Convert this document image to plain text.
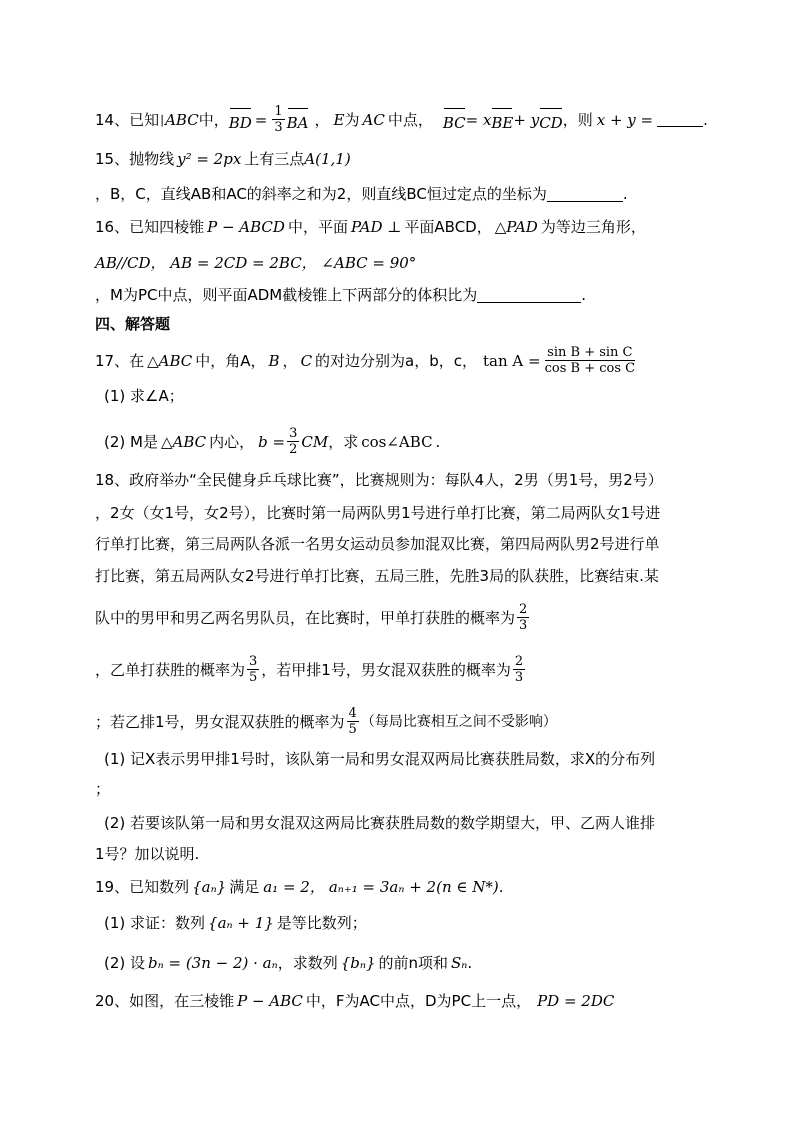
14、已知 ∣ ABC 中， BD = $\frac{1}{3}$ BA ， E 为 AC 中点， BC = x BE + y CD ，则 x + y =	.
15、抛物线 y² = 2px 上有三点 A(1,1)
，B，C，直线AB和AC的斜率之和为2，则直线BC恒过定点的坐标为	.
16、已知四棱锥 P − ABCD 中，平面 PAD ⊥ 平面ABCD， △PAD 为等边三角形，
AB//CD， AB = 2CD = 2BC， ∠ABC = 90°
，M为PC中点，则平面ADM截棱锥上下两部分的体积比为	.
四、解答题
17、在 △ABC 中，角A， B ， C 的对边分别为a，b，c， $\tan A = \frac{\text{sin B + sin C}}{\text{cos B + cos C}}$
(1) 求∠A；
(2) M是 △ABC 内心， $b = \frac{3}{2}$ CM ，求 cos∠ABC .
18、政府举办“全民健身乒乓球比赛”，比赛规则为：每队4人，2男（男1号，男2号）
，2女（女1号，女2号），比赛时第一局两队男1号进行单打比赛，第二局两队女1号进
行单打比赛，第三局两队各派一名男女运动员参加混双比赛，第四局两队男2号进行单
打比赛，第五局两队女2号进行单打比赛，五局三胜，先胜3局的队获胜，比赛结束.某
队中的男甲和男乙两名男队员，在比赛时，甲单打获胜的概率为 $\frac{2}{3}$
，乙单打获胜的概率为 $\frac{3}{5}$ ，若甲排1号，男女混双获胜的概率为 $\frac{2}{3}$
；若乙排1号，男女混双获胜的概率为 $\frac{4}{5}$ （每局比赛相互之间不受影响）
(1) 记X表示男甲排1号时，该队第一局和男女混双两局比赛获胜局数，求X的分布列
；
(2) 若要该队第一局和男女混双这两局比赛获胜局数的数学期望大，甲、乙两人谁排
1号？加以说明.
19、已知数列 {aₙ} 满足 a₁ = 2， aₙ₊₁ = 3aₙ + 2(n ∈ N*) .
(1) 求证：数列 {aₙ + 1} 是等比数列；
(2) 设 bₙ = (3n − 2) · aₙ ，求数列 {bₙ} 的前n项和 Sₙ .
20、如图，在三棱锥 P − ABC 中，F为AC中点，D为PC上一点， PD = 2DC
